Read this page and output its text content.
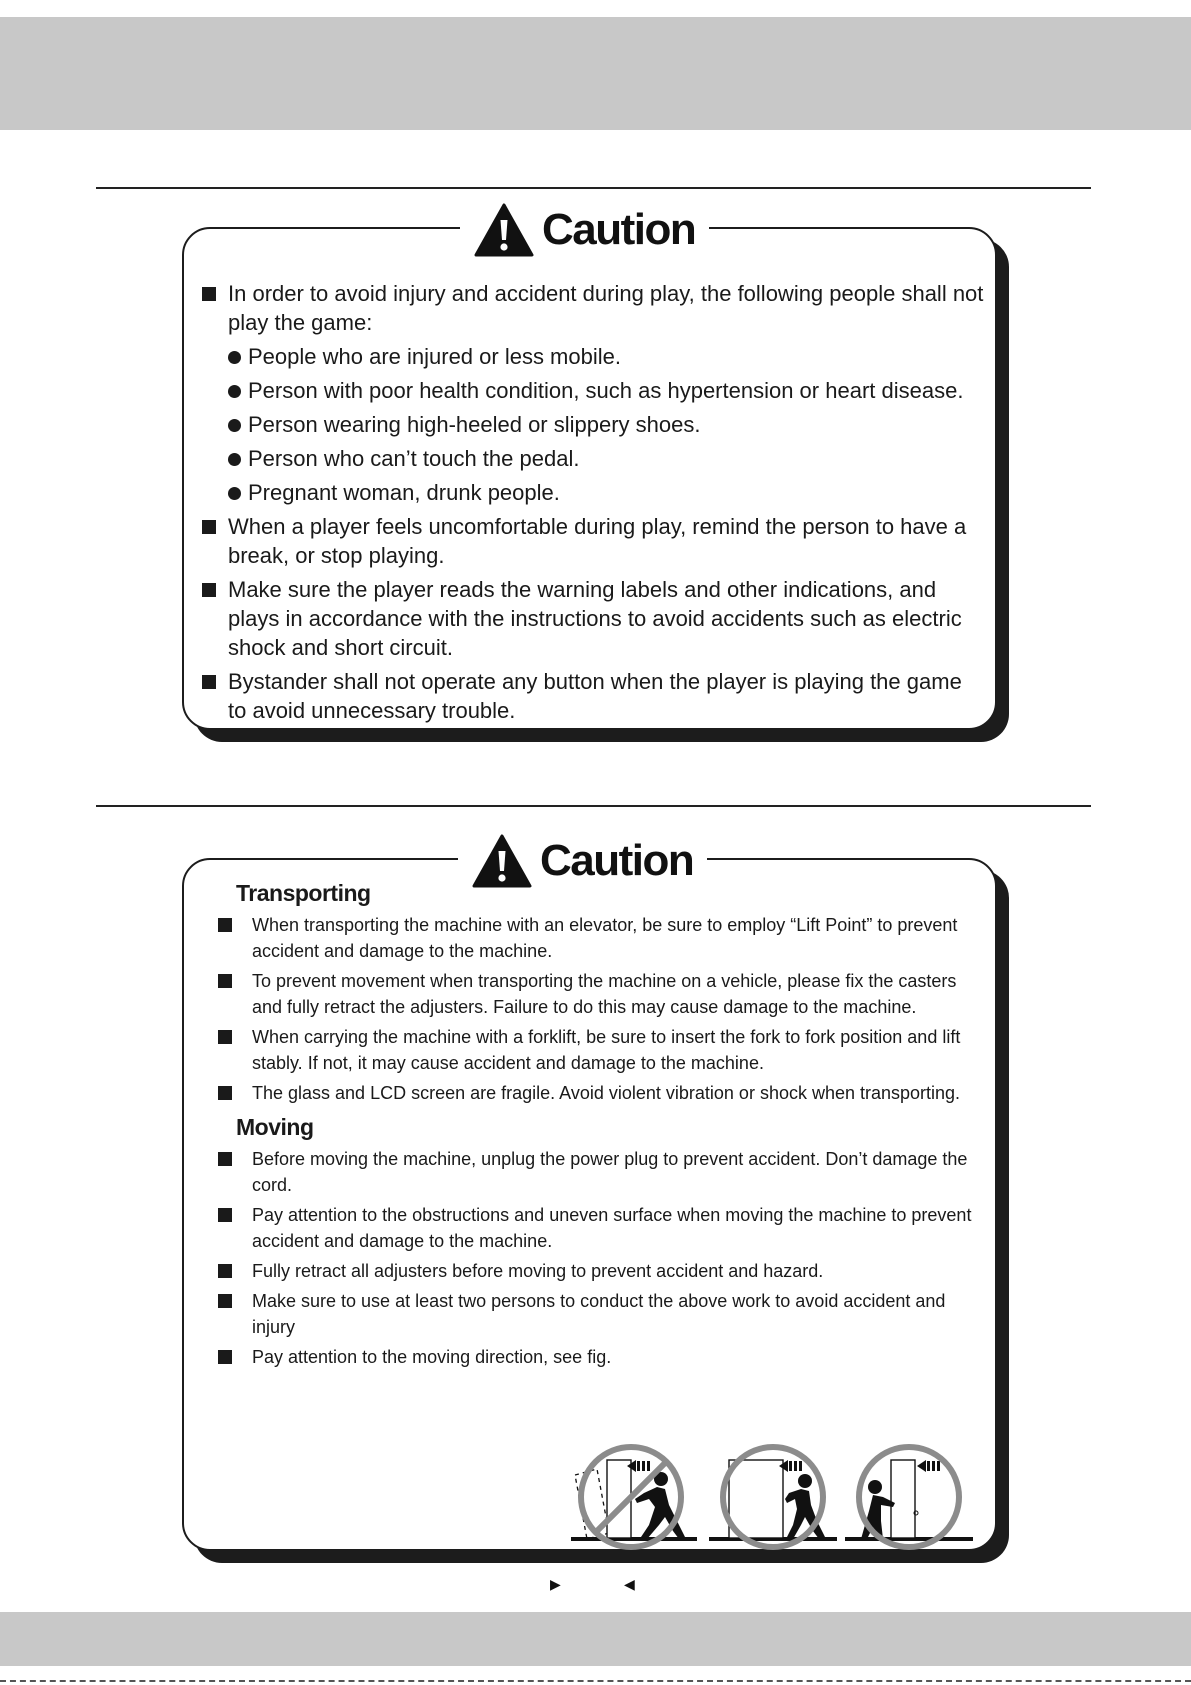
In order to avoid injury and accident during play, the following people shall not play the game:
People who are injured or less mobile.
Person with poor health condition, such as hypertension or heart disease.
Person wearing high-heeled or slippery shoes.
Person who can’t touch the pedal.
Pregnant woman, drunk people.
When a player feels uncomfortable during play, remind the person to have a break, or stop playing.
Make sure the player reads the warning labels and other indications, and plays in accordance with the instructions to avoid accidents such as electric shock and short circuit.
Bystander shall not operate any button when the player is playing the game to avoid unnecessary trouble.
Caution
Transporting
When transporting the machine with an elevator, be sure to employ “Lift Point” to prevent accident and damage to the machine.
To prevent movement when transporting the machine on a vehicle, please fix the casters and fully retract the adjusters. Failure to do this may cause damage to the machine.
When carrying the machine with a forklift, be sure to insert the fork to fork position and lift stably. If not, it may cause accident and damage to the machine.
The glass and LCD screen are fragile. Avoid violent vibration or shock when transporting.
Moving
Before moving the machine, unplug the power plug to prevent accident. Don’t damage the cord.
Pay attention to the obstructions and uneven surface when moving the machine to prevent accident and damage to the machine.
Fully retract all adjusters before moving to prevent accident and hazard.
Make sure to use at least two persons to conduct the above work to avoid accident and injury
Pay attention to the moving direction, see fig.
Caution
▶	◀
